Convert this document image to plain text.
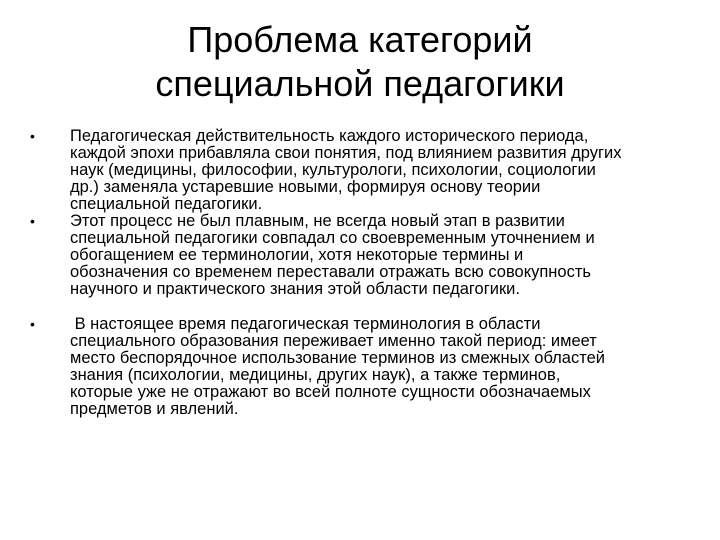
Проблема категорий
специальной педагогики
•	Педагогическая действительность каждого исторического периода,
каждой эпохи прибавляла свои понятия, под влиянием развития других
наук (медицины, философии, культурологи, психологии, социологии
др.) заменяла устаревшие новыми, формируя основу теории
специальной педагогики.
•	Этот процесс не был плавным, не всегда новый этап в развитии
специальной педагогики совпадал со своевременным уточнением и
обогащением ее терминологии, хотя некоторые термины и
обозначения со временем переставали отражать всю совокупность
научного и практического знания этой области педагогики.
•	В настоящее время педагогическая терминология в области
специального образования переживает именно такой период: имеет
место беспорядочное использование терминов из смежных областей
знания (психологии, медицины, других наук), а также терминов,
которые уже не отражают во всей полноте сущности обозначаемых
предметов и явлений.
